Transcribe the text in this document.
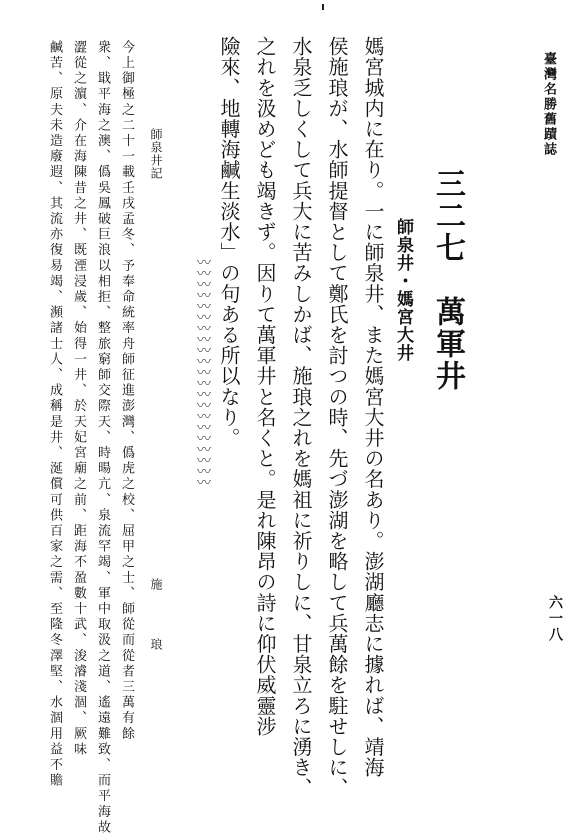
臺灣名勝舊蹟誌
六一八
三二七　萬軍井
師泉井・媽宮大井
媽宮城内に在り。一に師泉井、また媽宮大井の名あり。澎湖廳志に據れば、靖海
侯施琅が、水師提督として鄭氏を討つの時、先づ澎湖を略して兵萬餘を駐せしに、
水泉乏しくして兵大に苦みしかば、施琅之れを媽祖に祈りしに、甘泉立ろに湧き、
之れを汲めども竭きず。因りて萬軍井と名くと。是れ陳昂の詩に仰伏威靈涉
險來、地轉海鹹生淡水」の句ある所以なり。
〰〰〰〰〰〰〰〰〰〰〰〰〰〰〰〰〰〰〰〰〰
師泉井記
施　琅
今上御極之二十一載壬戌孟冬、予奉命統率舟師征進澎灣、僞虎之校、屈甲之士、師從而從者三萬有餘
衆、戢平海之澳、僞吳鳳破巨浪以相拒、整旅窮師交際天、時暘亢、泉流罕竭、軍中取汲之道、遙遠難致、而平海故
澀從之濵、介在海陳昔之井、既湮浸歲、始得一井、於天妃宮廟之前、距海不盈數十武、浚濬淺涸、厥味
鹹苦、原夫未造廢遐、其流亦復易竭、瀕諸士人、成稱是井、涎償可供百家之需、至隆冬澤堅、水涸用益不贍
